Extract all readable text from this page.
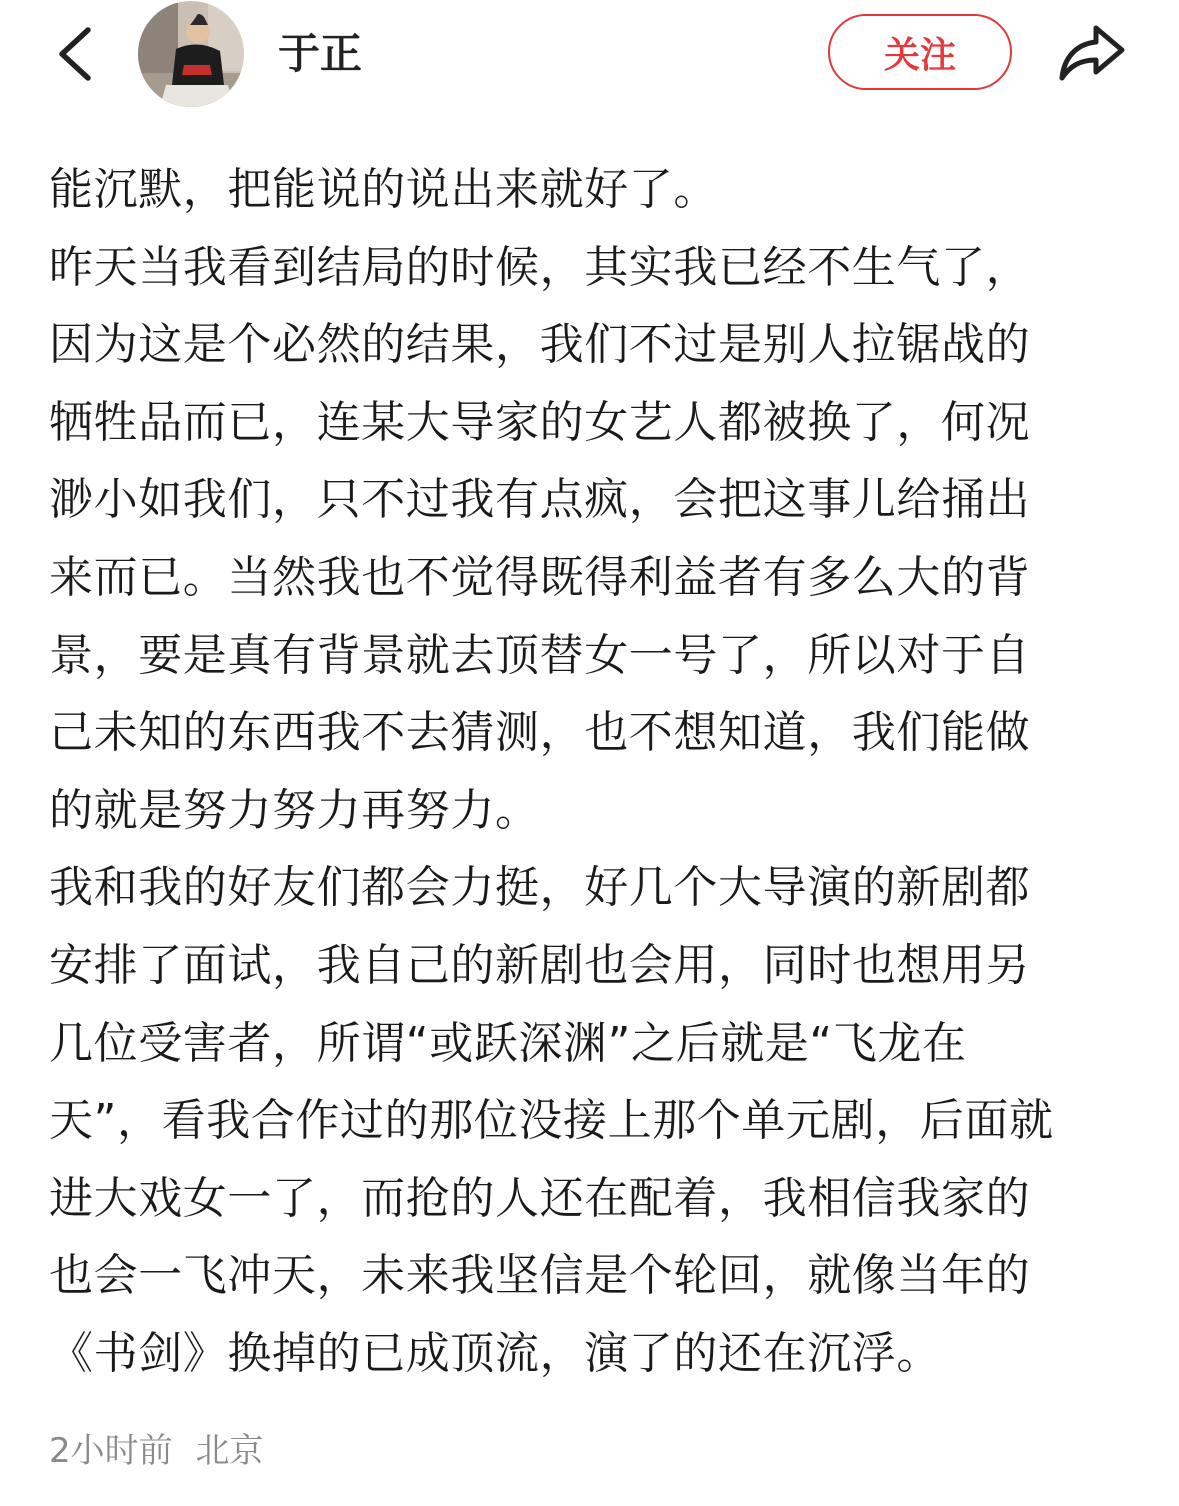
于正	关注
能沉默，把能说的说出来就好了。
昨天当我看到结局的时候，其实我已经不生气了，
因为这是个必然的结果，我们不过是别人拉锯战的
牺牲品而已，连某大导家的女艺人都被换了，何况
渺小如我们，只不过我有点疯，会把这事儿给捅出
来而已。当然我也不觉得既得利益者有多么大的背
景，要是真有背景就去顶替女一号了，所以对于自
己未知的东西我不去猜测，也不想知道，我们能做
的就是努力努力再努力。
我和我的好友们都会力挺，好几个大导演的新剧都
安排了面试，我自己的新剧也会用，同时也想用另
几位受害者，所谓“或跃深渊”之后就是“飞龙在
天”，看我合作过的那位没接上那个单元剧，后面就
进大戏女一了，而抢的人还在配着，我相信我家的
也会一飞冲天，未来我坚信是个轮回，就像当年的
《书剑》换掉的已成顶流，演了的还在沉浮。
2小时前 北京
